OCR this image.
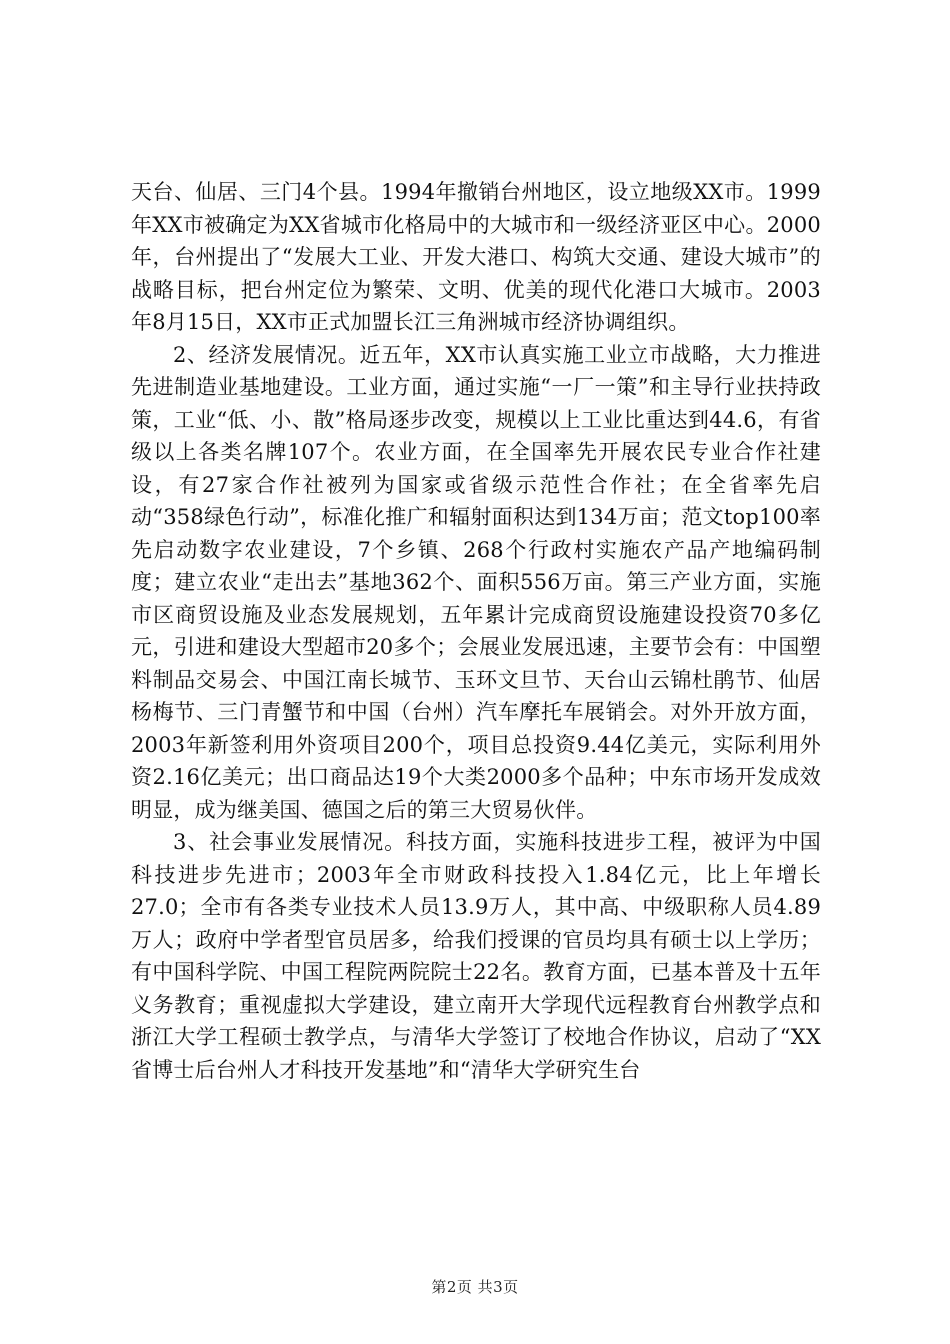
天台、仙居、三门4个县。1994年撤销台州地区，设立地级XX市。1999年XX市被确定为XX省城市化格局中的大城市和一级经济亚区中心。2000年，台州提出了“发展大工业、开发大港口、构筑大交通、建设大城市”的战略目标，把台州定位为繁荣、文明、优美的现代化港口大城市。2003年8月15日，XX市正式加盟长江三角洲城市经济协调组织。

2、经济发展情况。近五年，XX市认真实施工业立市战略，大力推进先进制造业基地建设。工业方面，通过实施“一厂一策”和主导行业扶持政策，工业“低、小、散”格局逐步改变，规模以上工业比重达到44.6，有省级以上各类名牌107个。农业方面，在全国率先开展农民专业合作社建设，有27家合作社被列为国家或省级示范性合作社；在全省率先启动“358绿色行动”，标准化推广和辐射面积达到134万亩；范文top100率先启动数字农业建设，7个乡镇、268个行政村实施农产品产地编码制度；建立农业“走出去”基地362个、面积556万亩。第三产业方面，实施市区商贸设施及业态发展规划，五年累计完成商贸设施建设投资70多亿元，引进和建设大型超市20多个；会展业发展迅速，主要节会有：中国塑料制品交易会、中国江南长城节、玉环文旦节、天台山云锦杜鹃节、仙居杨梅节、三门青蟹节和中国（台州）汽车摩托车展销会。对外开放方面，2003年新签利用外资项目200个，项目总投资9.44亿美元，实际利用外资2.16亿美元；出口商品达19个大类2000多个品种；中东市场开发成效明显，成为继美国、德国之后的第三大贸易伙伴。

3、社会事业发展情况。科技方面，实施科技进步工程，被评为中国科技进步先进市；2003年全市财政科技投入1.84亿元，比上年增长27.0；全市有各类专业技术人员13.9万人，其中高、中级职称人员4.89万人；政府中学者型官员居多，给我们授课的官员均具有硕士以上学历；有中国科学院、中国工程院两院院士22名。教育方面，已基本普及十五年义务教育；重视虚拟大学建设，建立南开大学现代远程教育台州教学点和浙江大学工程硕士教学点，与清华大学签订了校地合作协议，启动了“XX省博士后台州人才科技开发基地”和“清华大学研究生台

第2页 共3页
